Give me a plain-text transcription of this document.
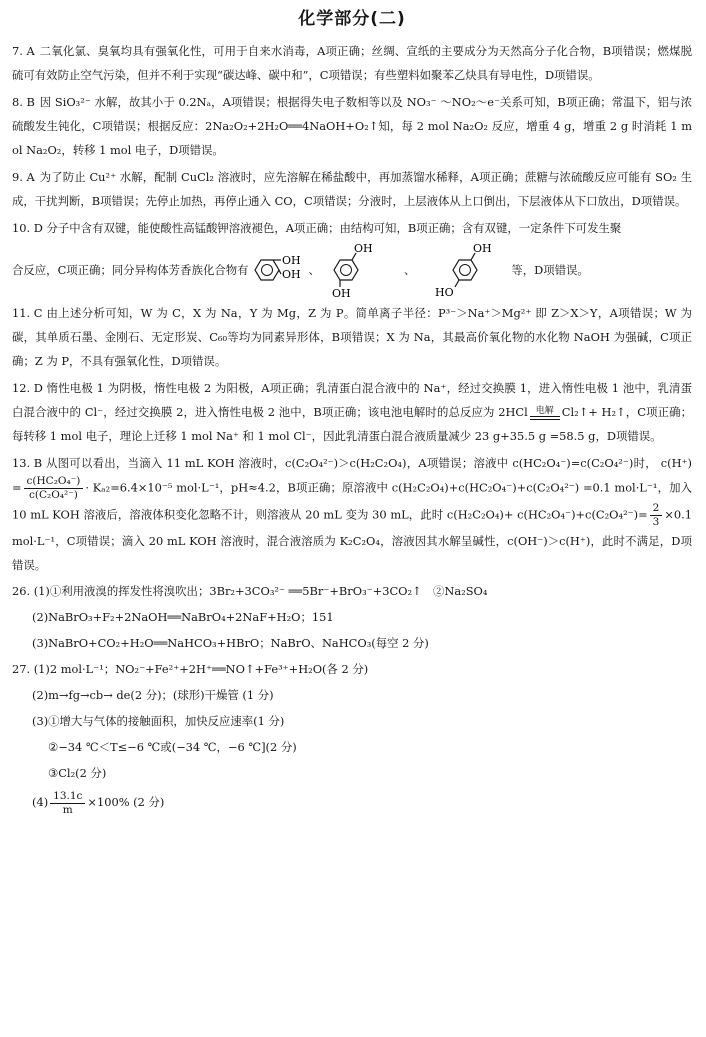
化学部分(二)
7. A 二氧化氯、臭氧均具有强氧化性，可用于自来水消毒，A项正确；丝绸、宣纸的主要成分为天然高分子化合物，B项错误；燃煤脱硫可有效防止空气污染，但并不利于实现“碳达峰、碳中和”，C项错误；有些塑料如聚苯乙炔具有导电性，D项错误。
8. B 因 SiO₃²⁻ 水解，故其小于 0.2Nₐ，A项错误；根据得失电子数相等以及 NO₃⁻ ～NO₂～e⁻关系可知，B项正确；常温下，铝与浓硫酸发生钝化，C项错误；根据反应：2Na₂O₂+2H₂O══4NaOH+O₂↑知，每 2 mol Na₂O₂ 反应，增重 4 g，增重 2 g 时消耗 1 mol Na₂O₂，转移 1 mol 电子，D项错误。
9. A 为了防止 Cu²⁺ 水解，配制 CuCl₂ 溶液时，应先溶解在稀盐酸中，再加蒸馏水稀释，A项正确；蔗糖与浓硫酸反应可能有 SO₂ 生成，干扰判断，B项错误；先停止加热，再停止通入 CO，C项错误；分液时，上层液体从上口倒出，下层液体从下口放出，D项错误。
10. D 分子中含有双键，能使酸性高锰酸钾溶液褪色，A项正确；由结构可知，B项正确；含有双键，一定条件下可发生聚
合反应，C项正确；同分异构体芳香族化合物有
OH
OH 、
OH
OH
、
OH
HO
等，D项错误。
11. C 由上述分析可知，W 为 C，X 为 Na，Y 为 Mg，Z 为 P。简单离子半径：P³⁻＞Na⁺＞Mg²⁺ 即 Z＞X＞Y，A项错误；W 为碳，其单质石墨、金刚石、无定形炭、C₆₀等均为同素异形体，B项错误；X 为 Na，其最高价氧化物的水化物 NaOH 为强碱，C项正确；Z 为 P，不具有强氧化性，D项错误。
12. D 惰性电极 1 为阴极，惰性电极 2 为阳极，A项正确；乳清蛋白混合液中的 Na⁺，经过交换膜 1，进入惰性电极 1 池中，乳清蛋白混合液中的 Cl⁻，经过交换膜 2，进入惰性电极 2 池中，B项正确；该电池电解时的总反应为 2HCl 电解 Cl₂↑+ H₂↑，C项正确；每转移 1 mol 电子，理论上迁移 1 mol Na⁺ 和 1 mol Cl⁻，因此乳清蛋白混合液质量减少 23 g+35.5 g =58.5 g，D项错误。
13. B 从图可以看出，当滴入 11 mL KOH 溶液时，c(C₂O₄²⁻)＞c(H₂C₂O₄)，A项错误；溶液中 c(HC₂O₄⁻)=c(C₂O₄²⁻)时， $c(H^+)= \frac{\text{c(HC₂O₄⁻)}}{\text{c(C₂O₄²⁻)}} \cdot K_{a2}=6.4\times 10^{-5}$ mol·L⁻¹，pH≈4.2，B项正确；原溶液中 c(H₂C₂O₄)+c(HC₂O₄⁻)+c(C₂O₄²⁻) =0.1 mol·L⁻¹，加入 10 mL KOH 溶液后，溶液体积变化忽略不计，则溶液从 20 mL 变为 30 mL，此时 $c(H_2C_2O_4)+ c(HC_2O_4^-)+c(C_2O_4^{2-})= \frac{2}{3} \times 0.1$ mol·L⁻¹，C项错误；滴入 20 mL KOH 溶液时，混合液溶质为 K₂C₂O₄，溶液因其水解呈碱性，c(OH⁻)＞c(H⁺)，此时不满足，D项错误。
26. (1)①利用液溴的挥发性将溴吹出；3Br₂+3CO₃²⁻ ══5Br⁻+BrO₃⁻+3CO₂↑　②Na₂SO₄
(2)NaBrO₃+F₂+2NaOH══NaBrO₄+2NaF+H₂O；151
(3)NaBrO+CO₂+H₂O══NaHCO₃+HBrO；NaBrO、NaHCO₃(每空 2 分)
27. (1)2 mol·L⁻¹；NO₂⁻+Fe²⁺+2H⁺══NO↑+Fe³⁺+H₂O(各 2 分)
(2)m→fg→cb→ de(2 分)；(球形)干燥管 (1 分)
(3)①增大与气体的接触面积，加快反应速率(1 分)
②−34 ℃＜T≤−6 ℃或(−34 ℃，−6 ℃](2 分)
③Cl₂(2 分)
$(4) \frac{13.1c}{m} \times 100\%$ (2 分)
